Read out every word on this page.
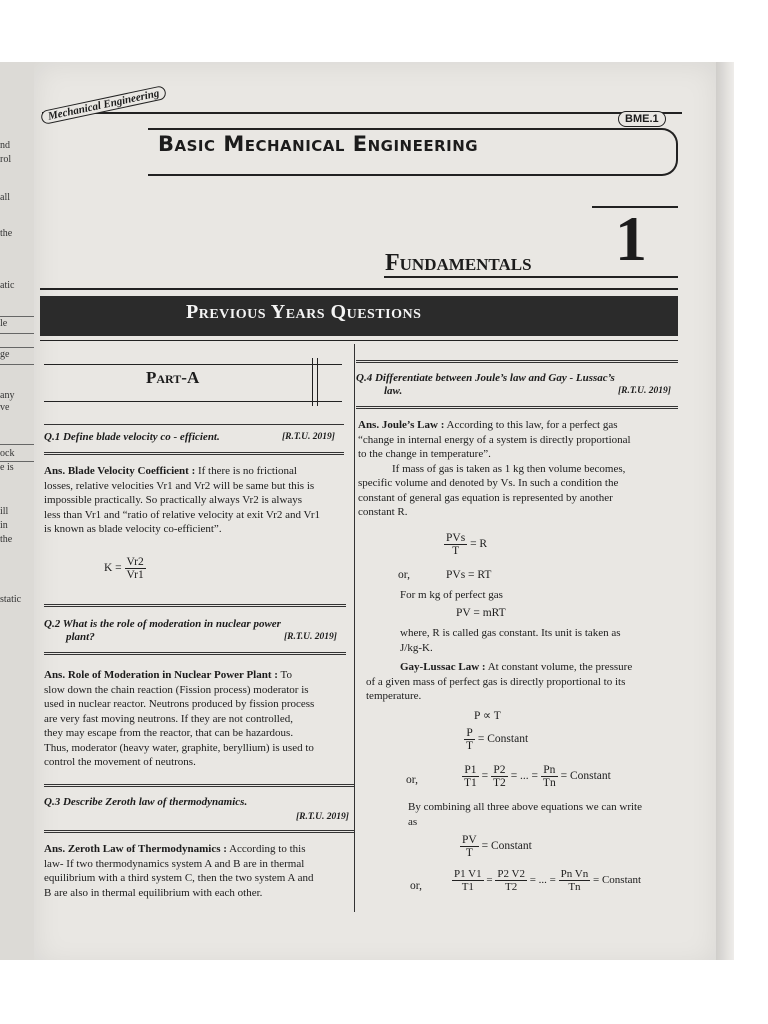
nd
rol
all
the
atic
le
ge
any
ve
ock
e is
ill
in
the
static
Mechanical Engineering	BME.1
Basic Mechanical Engineering
1
Fundamentals
Previous Years Questions
Part-A
Q.1 Define blade velocity co - efficient.	[R.T.U. 2019]
Ans. Blade Velocity Coefficient : If there is no frictional
losses, relative velocities Vr1 and Vr2 will be same but this is
impossible practically. So practically always Vr2 is always
less than Vr1 and “ratio of relative velocity at exit Vr2 and Vr1
is known as blade velocity co-efficient”.
$K = \frac{Vr2}{Vr1}$
Q.2 What is the role of moderation in nuclear power
plant?	[R.T.U. 2019]
Ans. Role of Moderation in Nuclear Power Plant : To
slow down the chain reaction (Fission process) moderator is
used in nuclear reactor. Neutrons produced by fission process
are very fast moving neutrons. If they are not controlled,
they may escape from the reactor, that can be hazardous.
Thus, moderator (heavy water, graphite, beryllium) is used to
control the movement of neutrons.
Q.3 Describe Zeroth law of thermodynamics.
[R.T.U. 2019]
Ans. Zeroth Law of Thermodynamics : According to this
law- If two thermodynamics system A and B are in thermal
equilibrium with a third system C, then the two system A and
B are also in thermal equilibrium with each other.
Q.4 Differentiate between Joule’s law and Gay - Lussac’s
law.	[R.T.U. 2019]
Ans. Joule’s Law : According to this law, for a perfect gas
“change in internal energy of a system is directly proportional
to the change in temperature”.
If mass of gas is taken as 1 kg then volume becomes,
specific volume and denoted by Vs. In such a condition the
constant of general gas equation is represented by another
constant R.
$\frac{\text{PVs}}{T} = R$
or,	PVs = RT
For m kg of perfect gas
PV = mRT
where, R is called gas constant. Its unit is taken as
J/kg-K.
Gay-Lussac Law : At constant volume, the pressure
of a given mass of perfect gas is directly proportional to its
temperature.
P ∝ T
$\frac{P}{T}$ = Constant
or,	$\frac{P1}{T1} = \frac{P2}{T2}$ = ... = $\frac{Pn}{Tn}$ = Constant
By combining all three above equations we can write
as
$\frac{PV}{T}$ = Constant
or,	$\frac{P1 V1}{T1} = \frac{P2 V2}{T2}$ = ... = $\frac{\text{Pn Vn}}{Tn}$ = Constant
